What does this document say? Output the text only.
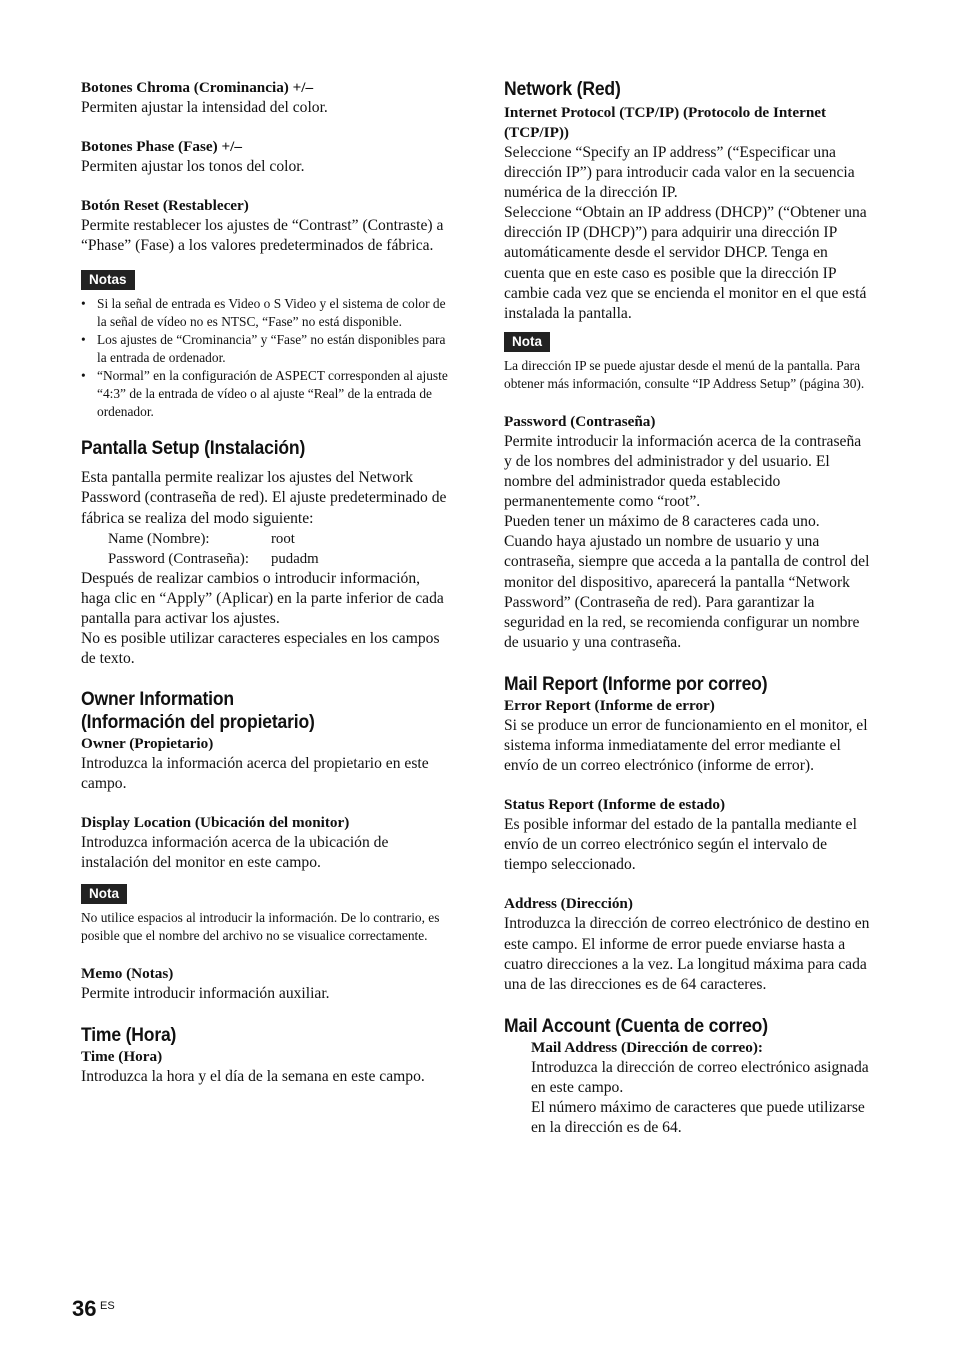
Botones Chroma (Crominancia) +/–

Permiten ajustar la intensidad del color.

Botones Phase (Fase) +/–

Permiten ajustar los tonos del color.

Botón Reset (Restablecer)

Permite restablecer los ajustes de “Contrast” (Contraste) a “Phase” (Fase) a los valores predeterminados de fábrica.

Notas
• Si la señal de entrada es Video o S Video y el sistema de color de la señal de vídeo no es NTSC, “Fase” no está disponible.
• Los ajustes de “Crominancia” y “Fase” no están disponibles para la entrada de ordenador.
• “Normal” en la configuración de ASPECT corresponden al ajuste “4:3” de la entrada de vídeo o al ajuste “Real” de la entrada de ordenador.
Pantalla Setup (Instalación)

Esta pantalla permite realizar los ajustes del Network Password (contraseña de red). El ajuste predeterminado de fábrica se realiza del modo siguiente:

Name (Nombre):	root
Password (Contraseña):	pudadm

Después de realizar cambios o introducir información, haga clic en “Apply” (Aplicar) en la parte inferior de cada pantalla para activar los ajustes.

No es posible utilizar caracteres especiales en los campos de texto.

Owner Information
(Información del propietario)

Owner (Propietario)

Introduzca la información acerca del propietario en este campo.

Display Location (Ubicación del monitor)

Introduzca información acerca de la ubicación de instalación del monitor en este campo.

Nota

No utilice espacios al introducir la información. De lo contrario, es posible que el nombre del archivo no se visualice correctamente.

Memo (Notas)

Permite introducir información auxiliar.

Time (Hora)

Time (Hora)

Introduzca la hora y el día de la semana en este campo.

Network (Red)

Internet Protocol (TCP/IP) (Protocolo de Internet (TCP/IP))

Seleccione “Specify an IP address” (“Especificar una dirección IP”) para introducir cada valor en la secuencia numérica de la dirección IP.

Seleccione “Obtain an IP address (DHCP)” (“Obtener una dirección IP (DHCP)”) para adquirir una dirección IP automáticamente desde el servidor DHCP. Tenga en cuenta que en este caso es posible que la dirección IP cambie cada vez que se encienda el monitor en el que está instalada la pantalla.

Nota

La dirección IP se puede ajustar desde el menú de la pantalla. Para obtener más información, consulte “IP Address Setup” (página 30).

Password (Contraseña)

Permite introducir la información acerca de la contraseña y de los nombres del administrador y del usuario. El nombre del administrador queda establecido permanentemente como “root”.

Pueden tener un máximo de 8 caracteres cada uno. Cuando haya ajustado un nombre de usuario y una contraseña, siempre que acceda a la pantalla de control del monitor del dispositivo, aparecerá la pantalla “Network Password” (Contraseña de red). Para garantizar la seguridad en la red, se recomienda configurar un nombre de usuario y una contraseña.

Mail Report (Informe por correo)

Error Report (Informe de error)

Si se produce un error de funcionamiento en el monitor, el sistema informa inmediatamente del error mediante el envío de un correo electrónico (informe de error).

Status Report (Informe de estado)

Es posible informar del estado de la pantalla mediante el envío de un correo electrónico según el intervalo de tiempo seleccionado.

Address (Dirección)

Introduzca la dirección de correo electrónico de destino en este campo. El informe de error puede enviarse hasta a cuatro direcciones a la vez. La longitud máxima para cada una de las direcciones es de 64 caracteres.

Mail Account (Cuenta de correo)

Mail Address (Dirección de correo):

Introduzca la dirección de correo electrónico asignada en este campo.

El número máximo de caracteres que puede utilizarse en la dirección es de 64.

36 ES
